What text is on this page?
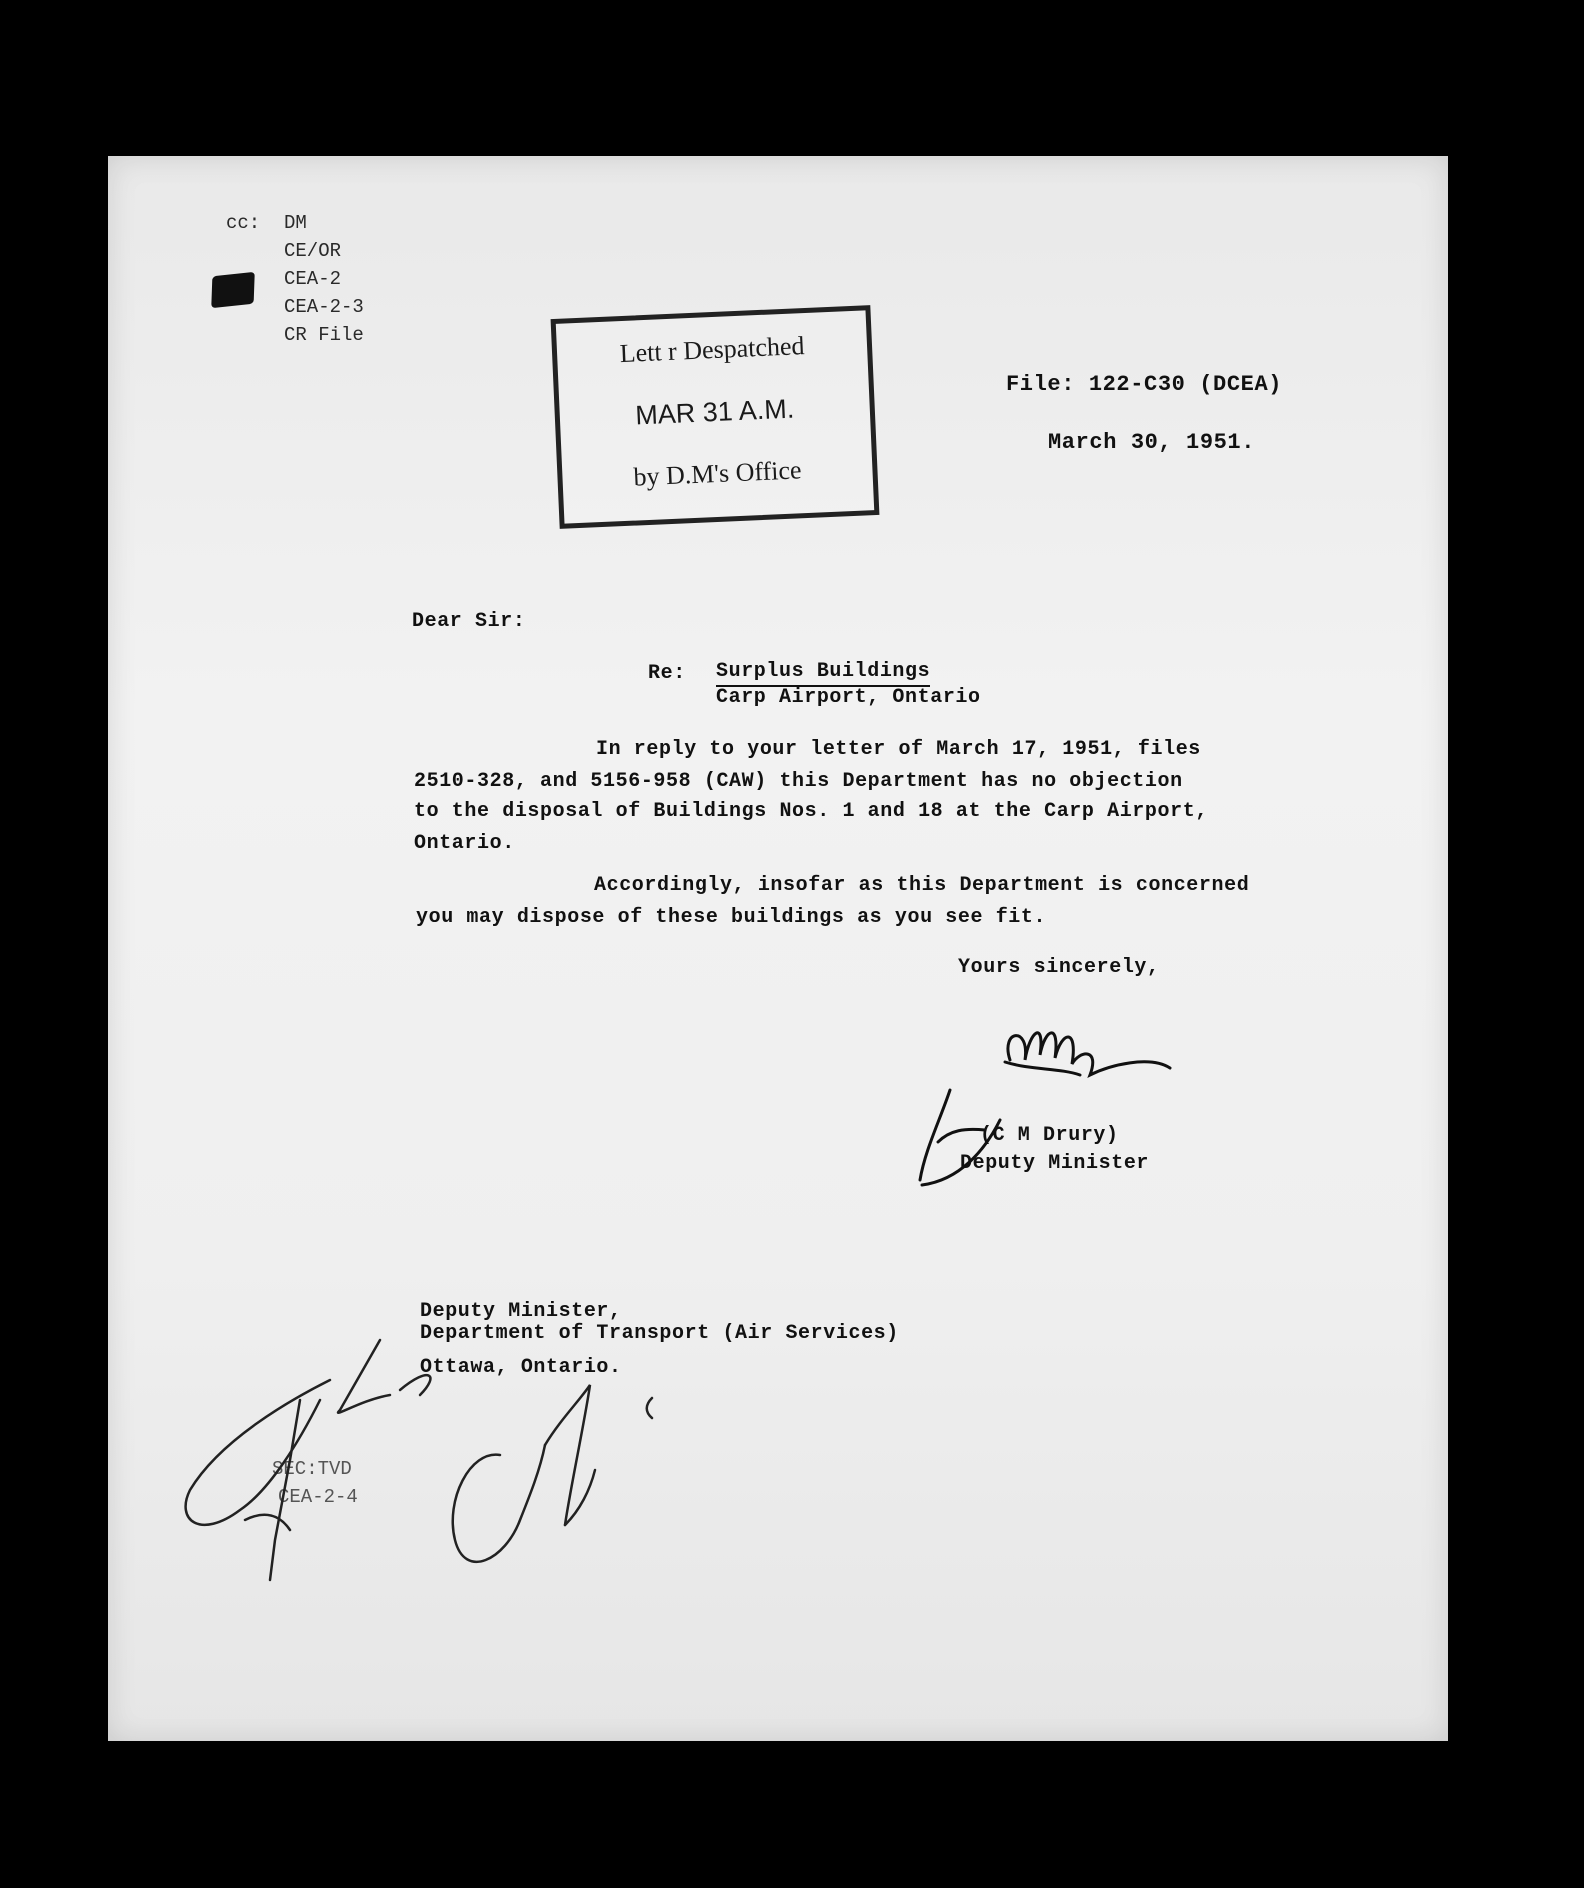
cc: DM
CE/OR
CEA-2
CEA-2-3
CR File	Lett r Despatched
MAR 31 A.M.
by D.M's Office
File: 122-C30 (DCEA)
March 30, 1951.
Dear Sir:
Re: Surplus Buildings
Carp Airport, Ontario
In reply to your letter of March 17, 1951, files
2510-328, and 5156-958 (CAW) this Department has no objection
to the disposal of Buildings Nos. 1 and 18 at the Carp Airport,
Ontario.
Accordingly, insofar as this Department is concerned
you may dispose of these buildings as you see fit.
Yours sincerely,
(C M Drury)
Deputy Minister
Deputy Minister,
Department of Transport (Air Services)
Ottawa, Ontario.
SEC:TVD
CEA-2-4
